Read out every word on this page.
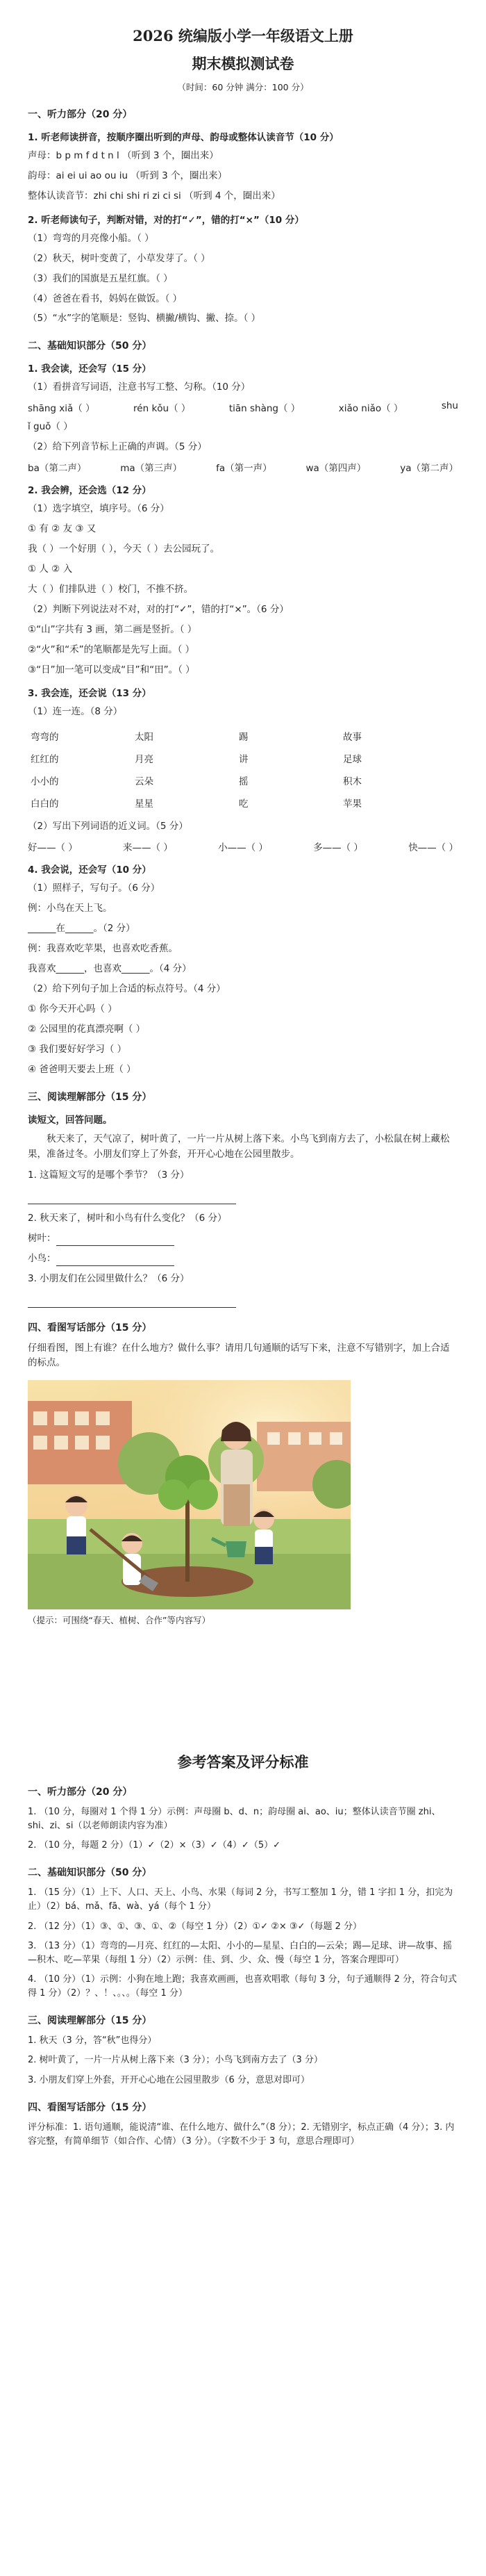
2026 统编版小学一年级语文上册
期末模拟测试卷
（时间：60 分钟 满分：100 分）
一、听力部分（20 分）
1. 听老师读拼音，按顺序圈出听到的声母、韵母或整体认读音节（10 分）
声母：b p m f d t n l （听到 3 个，圈出来）
韵母：ai ei ui ao ou iu （听到 3 个，圈出来）
整体认读音节：zhi chi shi ri zi ci si （听到 4 个，圈出来）
2. 听老师读句子，判断对错，对的打“✓”，错的打“×”（10 分）
（1）弯弯的月亮像小船。（ ）
（2）秋天，树叶变黄了，小草发芽了。（ ）
（3）我们的国旗是五星红旗。（ ）
（4）爸爸在看书，妈妈在做饭。（ ）
（5）“水”字的笔顺是：竖钩、横撇/横钩、撇、捺。（ ）
二、基础知识部分（50 分）
1. 我会读，还会写（15 分）
（1）看拼音写词语，注意书写工整、匀称。（10 分）
shāng xiǎ（ ）	rén kǒu（ ）	tiān shàng（ ）	xiǎo niǎo（ ）	shu
ǐ guǒ（ ）
（2）给下列音节标上正确的声调。（5 分）
ba（第二声）	ma（第三声）	fa（第一声）	wa（第四声）	ya（第二声）
2. 我会辨，还会选（12 分）
（1）选字填空，填序号。（6 分）
① 有 ② 友 ③ 又
我（ ）一个好朋（ ），今天（ ）去公园玩了。
① 人 ② 入
大（ ）们排队进（ ）校门，不推不挤。
（2）判断下列说法对不对，对的打“✓”，错的打“×”。（6 分）
①“山”字共有 3 画，第二画是竖折。（ ）
②“火”和“禾”的笔顺都是先写上面。（ ）
③“日”加一笔可以变成“目”和“田”。（ ）
3. 我会连，还会说（13 分）
（1）连一连。（8 分）
弯弯的	太阳	踢	故事
红红的	月亮	讲	足球
小小的	云朵	摇	积木
白白的	星星	吃	苹果
（2）写出下列词语的近义词。（5 分）
好——（ ）	来——（ ）	小——（ ）	多——（ ）	快——（ ）
4. 我会说，还会写（10 分）
（1）照样子，写句子。（6 分）
例：小鸟在天上飞。
______在______。（2 分）
例：我喜欢吃苹果，也喜欢吃香蕉。
我喜欢______，也喜欢______。（4 分）
（2）给下列句子加上合适的标点符号。（4 分）
① 你今天开心吗（ ）
② 公园里的花真漂亮啊（ ）
③ 我们要好好学习（ ）
④ 爸爸明天要去上班（ ）
三、阅读理解部分（15 分）
读短文，回答问题。
秋天来了，天气凉了，树叶黄了，一片一片从树上落下来。小鸟飞到南方去了，小松鼠在树上藏松果，准备过冬。小朋友们穿上了外套，开开心心地在公园里散步。
1. 这篇短文写的是哪个季节？（3 分）
2. 秋天来了，树叶和小鸟有什么变化？（6 分）
树叶：
小鸟：
3. 小朋友们在公园里做什么？（6 分）
四、看图写话部分（15 分）
仔细看图，图上有谁？在什么地方？做什么事？请用几句通顺的话写下来，注意不写错别字，加上合适的标点。
（提示：可围绕“春天、植树、合作”等内容写）
参考答案及评分标准
一、听力部分（20 分）
1. （10 分，每圈对 1 个得 1 分）示例：声母圈 b、d、n；韵母圈 ai、ao、iu；整体认读音节圈 zhi、shi、zi、si（以老师朗读内容为准）
2. （10 分，每题 2 分）（1）✓（2）×（3）✓（4）✓（5）✓
二、基础知识部分（50 分）
1. （15 分）（1）上下、人口、天上、小鸟、水果（每词 2 分，书写工整加 1 分，错 1 字扣 1 分，扣完为止）（2）bá、mǎ、fā、wà、yá（每个 1 分）
2. （12 分）（1）③、①、③、①、②（每空 1 分）（2）①✓ ②× ③✓（每题 2 分）
3. （13 分）（1）弯弯的—月亮、红红的—太阳、小小的—星星、白白的—云朵；踢—足球、讲—故事、摇—积木、吃—苹果（每组 1 分）（2）示例：佳、到、少、众、慢（每空 1 分，答案合理即可）
4. （10 分）（1）示例：小狗在地上跑；我喜欢画画，也喜欢唱歌（每句 3 分，句子通顺得 2 分，符合句式得 1 分）（2）？、！、。、。（每空 1 分）
三、阅读理解部分（15 分）
1. 秋天（3 分，答“秋”也得分）
2. 树叶黄了，一片一片从树上落下来（3 分）；小鸟飞到南方去了（3 分）
3. 小朋友们穿上外套，开开心心地在公园里散步（6 分，意思对即可）
四、看图写话部分（15 分）
评分标准：1. 语句通顺，能说清“谁、在什么地方、做什么”（8 分）；2. 无错别字，标点正确（4 分）；3. 内容完整，有简单细节（如合作、心情）（3 分）。（字数不少于 3 句，意思合理即可）
